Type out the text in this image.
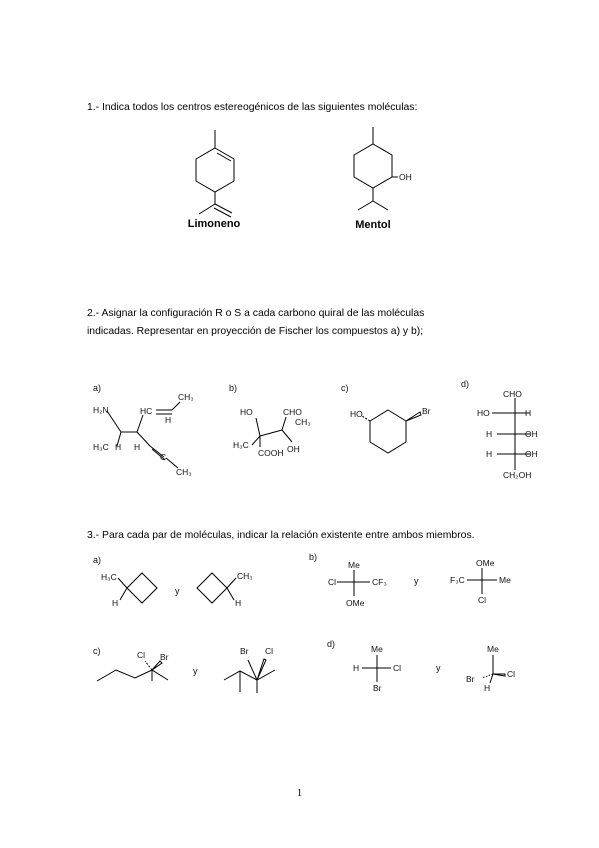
1.- Indica todos los centros estereogénicos de las siguientes moléculas:
2.- Asignar la configuración R o S a cada carbono quiral de las moléculas
indicadas. Representar en proyección de Fischer los compuestos a) y b);
3.- Para cada par de moléculas, indicar la relación existente entre ambos miembros.
1
Limoneno
OH
Mentol
a)
H₂N	HC
CH₃
H
H₃C H H
C
CH₃
b)
HO	CHO
CH₃
H₃C
COOH OH
c)
HO	Br
d)
CHO
HO	H
H	OH
H	OH
CH₂OH
a)
H₃C
H
y
CH₃
H
b)
Me
Cl	CF₃
OMe
y
OMe
F₃C	Me
Cl
c)	Cl Br
y
Br Cl
d)	Me
H	Cl
Br
y
Me
Br	Cl
H
